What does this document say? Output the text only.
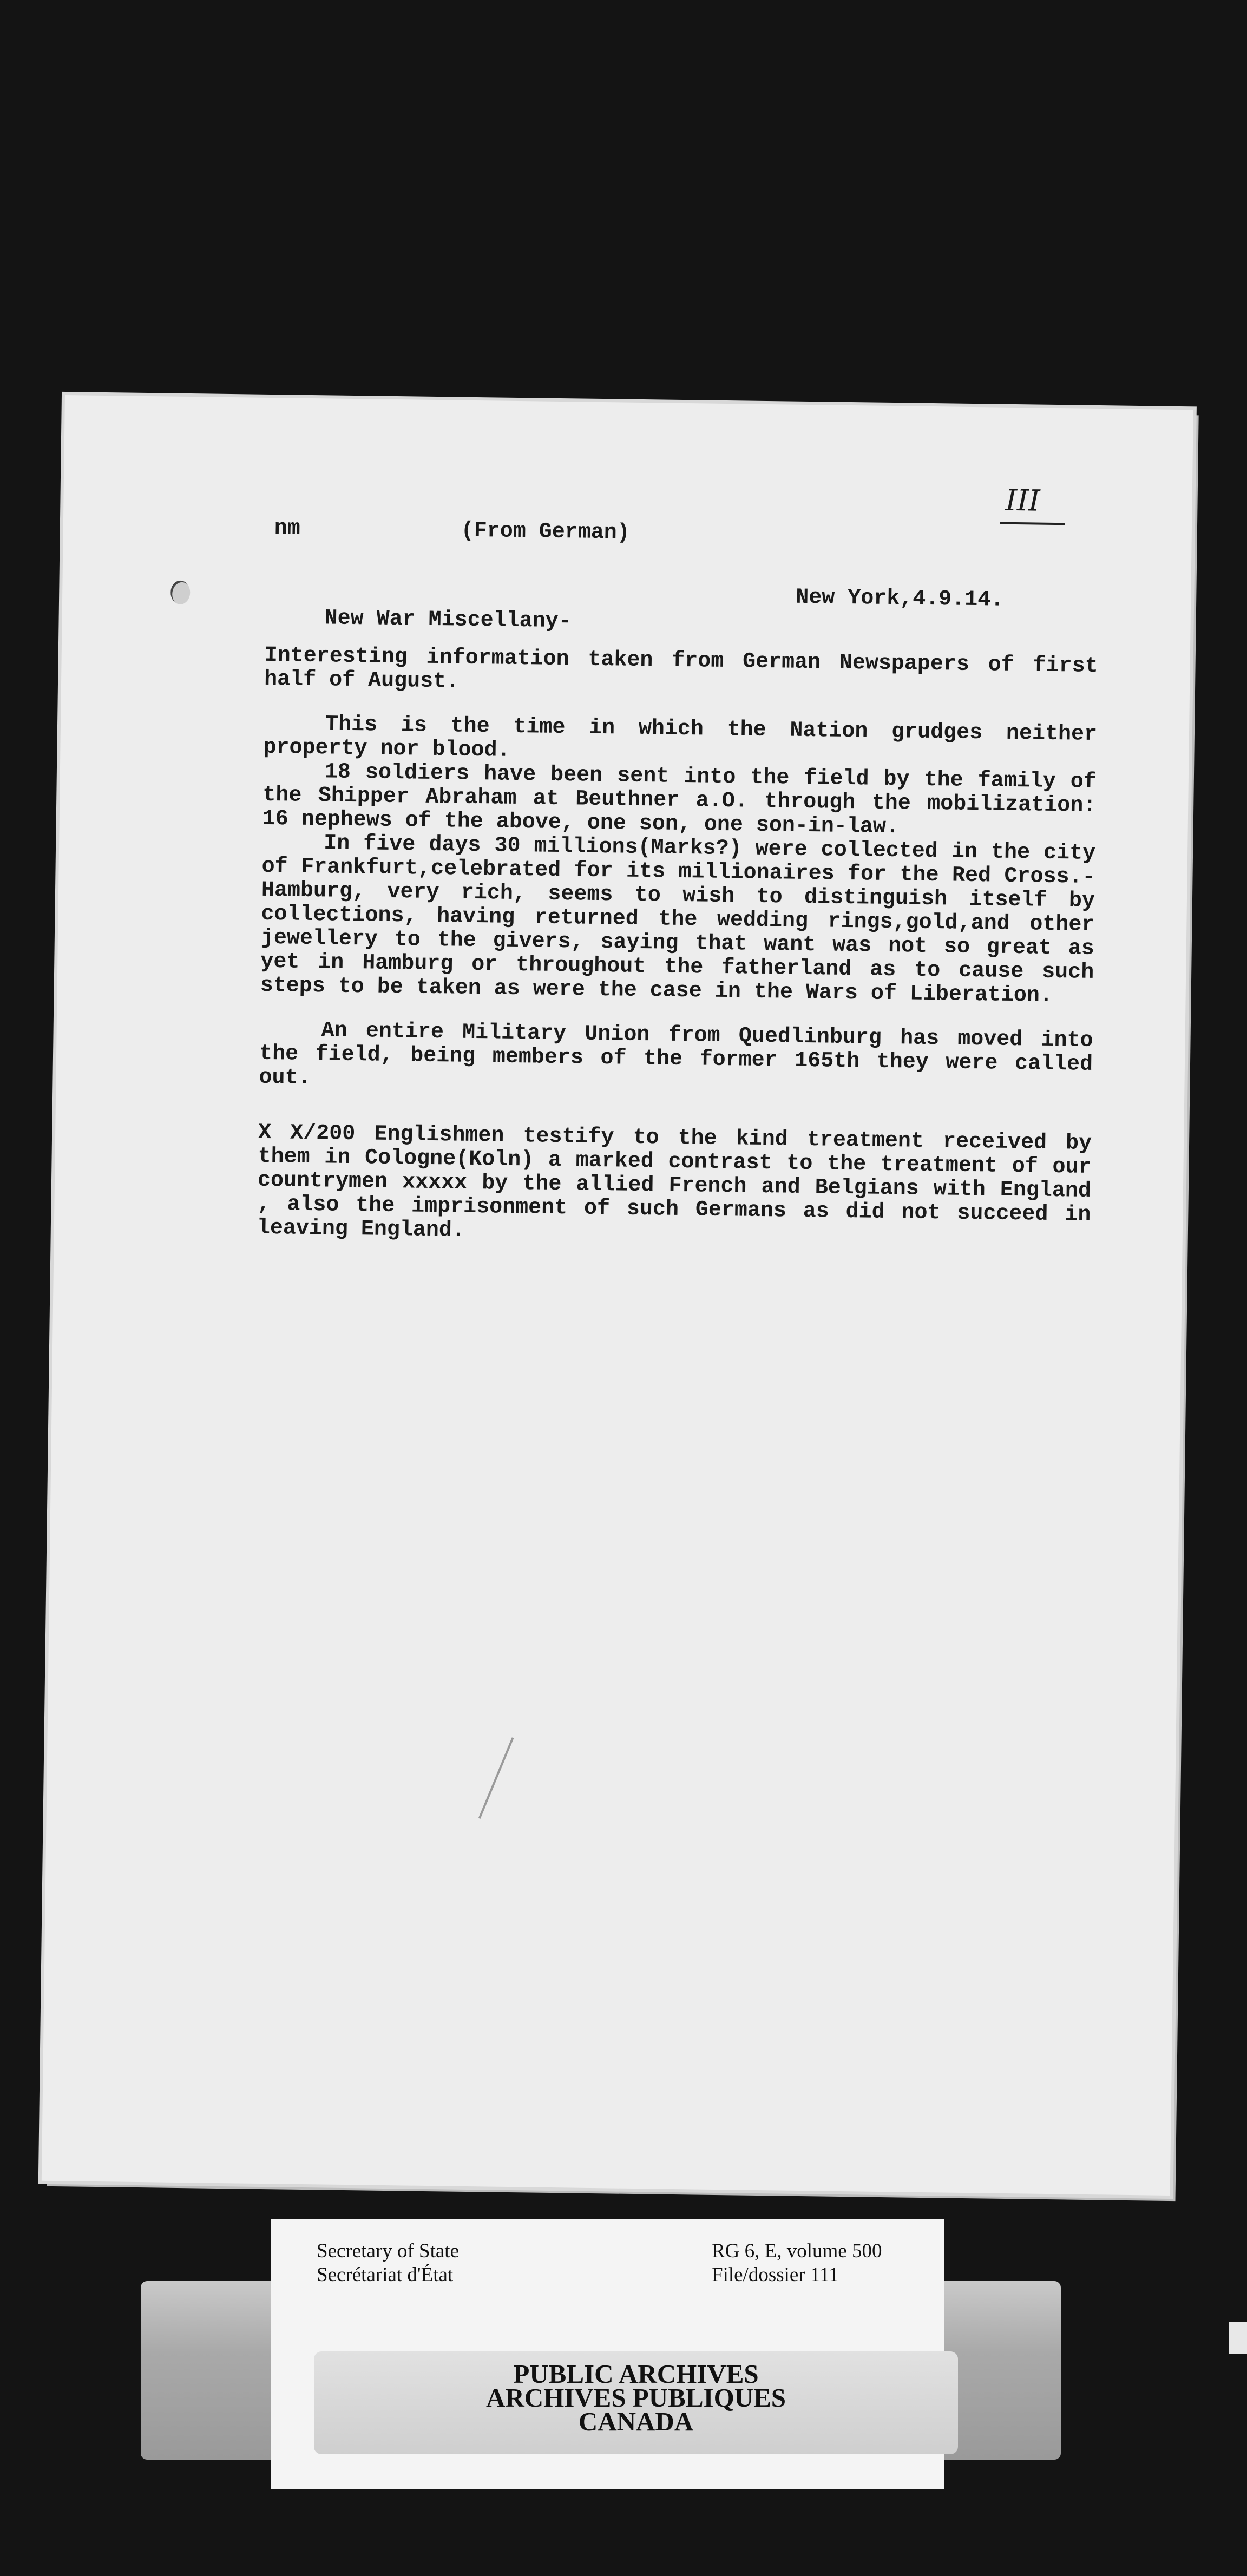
III
nm	(From German)
New York,4.9.14.
New War Miscellany-

Interesting information taken from German Newspapers of first half of August.

This is the time in which the Nation grudges neither property nor blood.

18 soldiers have been sent into the field by the family of the Shipper Abraham at Beuthner a.O. through the mobilization: 16 nephews of the above, one son, one son-in-law.

In five days 30 millions(Marks?) were collected in the city of Frankfurt,celebrated for its millionaires for the Red Cross.- Hamburg, very rich, seems to wish to distinguish itself by collections, having returned the wedding rings,gold,and other jewellery to the givers, saying that want was not so great as yet in Hamburg or throughout the fatherland as to cause such steps to be taken as were the case in the Wars of Liberation.

An entire Military Union from Quedlinburg has moved into the field, being members of the former 165th they were called out.

X X/200 Englishmen testify to the kind treatment received by them in Cologne(Koln) a marked contrast to the treatment of our countrymen xxxxx by the allied French and Belgians with England , also the imprisonment of such Germans as did not succeed in leaving England.

Secretary of State
Secrétariat d'État
RG 6, E, volume 500
File/dossier 111
PUBLIC ARCHIVES
ARCHIVES PUBLIQUES
CANADA
